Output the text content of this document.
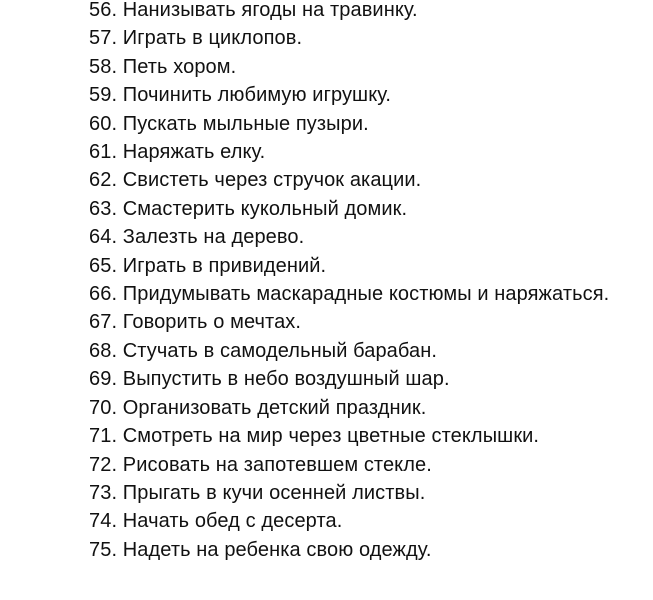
56. Нанизывать ягоды на травинку.
57. Играть в циклопов.
58. Петь хором.
59. Починить любимую игрушку.
60. Пускать мыльные пузыри.
61. Наряжать елку.
62. Свистеть через стручок акации.
63. Смастерить кукольный домик.
64. Залезть на дерево.
65. Играть в привидений.
66. Придумывать маскарадные костюмы и наряжаться.
67. Говорить о мечтах.
68. Стучать в самодельный барабан.
69. Выпустить в небо воздушный шар.
70. Организовать детский праздник.
71. Смотреть на мир через цветные стеклышки.
72. Рисовать на запотевшем стекле.
73. Прыгать в кучи осенней листвы.
74. Начать обед с десерта.
75. Надеть на ребенка свою одежду.
